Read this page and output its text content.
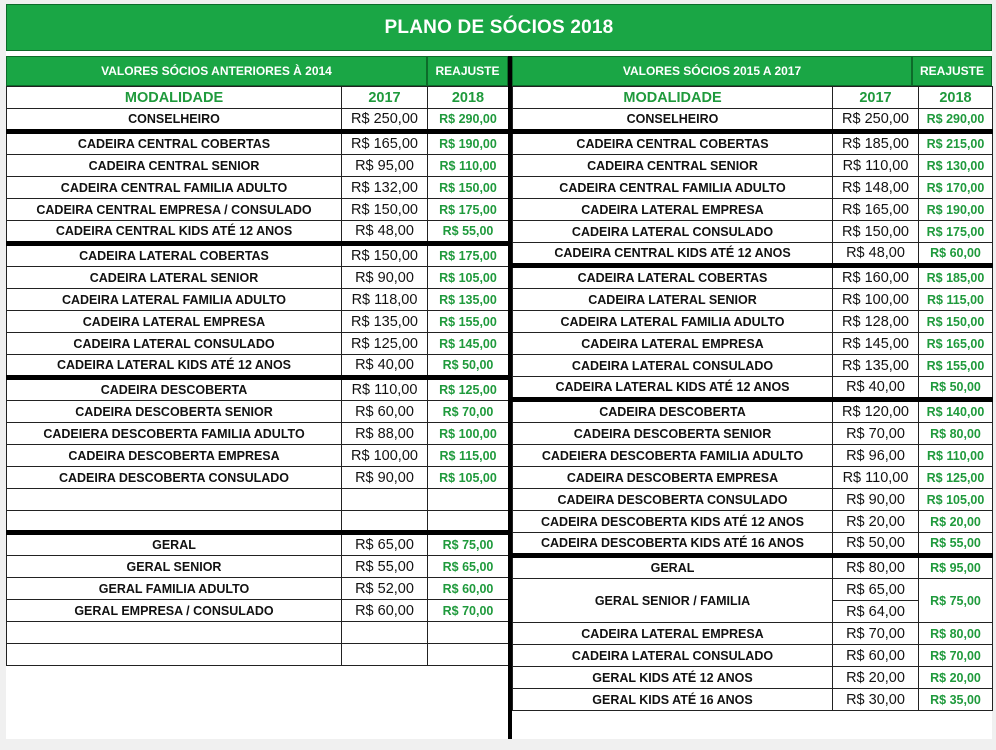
PLANO DE SÓCIOS 2018
VALORES SÓCIOS ANTERIORES À 2014	REAJUSTE	VALORES SÓCIOS 2015 A 2017	REAJUSTE
MODALIDADE	2017	2018
CONSELHEIRO	R$ 250,00	R$ 290,00
CADEIRA CENTRAL COBERTAS	R$ 165,00	R$ 190,00
CADEIRA CENTRAL SENIOR	R$ 95,00	R$ 110,00
CADEIRA CENTRAL FAMILIA ADULTO	R$ 132,00	R$ 150,00
CADEIRA CENTRAL EMPRESA / CONSULADO	R$ 150,00	R$ 175,00

CADEIRA CENTRAL KIDS ATÉ 12 ANOS	R$ 48,00	R$ 55,00
CADEIRA LATERAL COBERTAS	R$ 150,00	R$ 175,00
CADEIRA LATERAL SENIOR	R$ 90,00	R$ 105,00
CADEIRA LATERAL FAMILIA ADULTO	R$ 118,00	R$ 135,00
CADEIRA LATERAL EMPRESA	R$ 135,00	R$ 155,00
CADEIRA LATERAL CONSULADO	R$ 125,00	R$ 145,00
CADEIRA LATERAL KIDS ATÉ 12 ANOS	R$ 40,00	R$ 50,00
CADEIRA DESCOBERTA	R$ 110,00	R$ 125,00
CADEIRA DESCOBERTA SENIOR	R$ 60,00	R$ 70,00
CADEIERA DESCOBERTA FAMILIA ADULTO	R$ 88,00	R$ 100,00
CADEIRA DESCOBERTA EMPRESA	R$ 100,00	R$ 115,00
CADEIRA DESCOBERTA CONSULADO	R$ 90,00	R$ 105,00

GERAL	R$ 65,00	R$ 75,00
GERAL SENIOR	R$ 55,00	R$ 65,00
GERAL FAMILIA ADULTO	R$ 52,00	R$ 60,00
GERAL EMPRESA / CONSULADO	R$ 60,00	R$ 70,00

MODALIDADE	2017	2018
CONSELHEIRO	R$ 250,00	R$ 290,00
CADEIRA CENTRAL COBERTAS	R$ 185,00	R$ 215,00
CADEIRA CENTRAL SENIOR	R$ 110,00	R$ 130,00
CADEIRA CENTRAL FAMILIA ADULTO	R$ 148,00	R$ 170,00
CADEIRA LATERAL EMPRESA	R$ 165,00	R$ 190,00
CADEIRA LATERAL CONSULADO	R$ 150,00	R$ 175,00
CADEIRA CENTRAL KIDS ATÉ 12 ANOS	R$ 48,00	R$ 60,00
CADEIRA LATERAL COBERTAS	R$ 160,00	R$ 185,00
CADEIRA LATERAL SENIOR	R$ 100,00	R$ 115,00
CADEIRA LATERAL FAMILIA ADULTO	R$ 128,00	R$ 150,00
CADEIRA LATERAL EMPRESA	R$ 145,00	R$ 165,00
CADEIRA LATERAL CONSULADO	R$ 135,00	R$ 155,00
CADEIRA LATERAL KIDS ATÉ 12 ANOS	R$ 40,00	R$ 50,00
CADEIRA DESCOBERTA	R$ 120,00	R$ 140,00
CADEIRA DESCOBERTA SENIOR	R$ 70,00	R$ 80,00
CADEIERA DESCOBERTA FAMILIA ADULTO	R$ 96,00	R$ 110,00
CADEIRA DESCOBERTA EMPRESA	R$ 110,00	R$ 125,00
CADEIRA DESCOBERTA CONSULADO	R$ 90,00	R$ 105,00
CADEIRA DESCOBERTA KIDS ATÉ 12 ANOS	R$ 20,00	R$ 20,00
CADEIRA DESCOBERTA KIDS ATÉ 16 ANOS	R$ 50,00	R$ 55,00
GERAL	R$ 80,00	R$ 95,00
GERAL SENIOR / FAMILIA	R$ 65,00	R$ 75,00
	R$ 64,00	
CADEIRA LATERAL EMPRESA	R$ 70,00	R$ 80,00
CADEIRA LATERAL CONSULADO	R$ 60,00	R$ 70,00
GERAL KIDS ATÉ 12 ANOS	R$ 20,00	R$ 20,00
GERAL KIDS ATÉ 16 ANOS	R$ 30,00	R$ 35,00
